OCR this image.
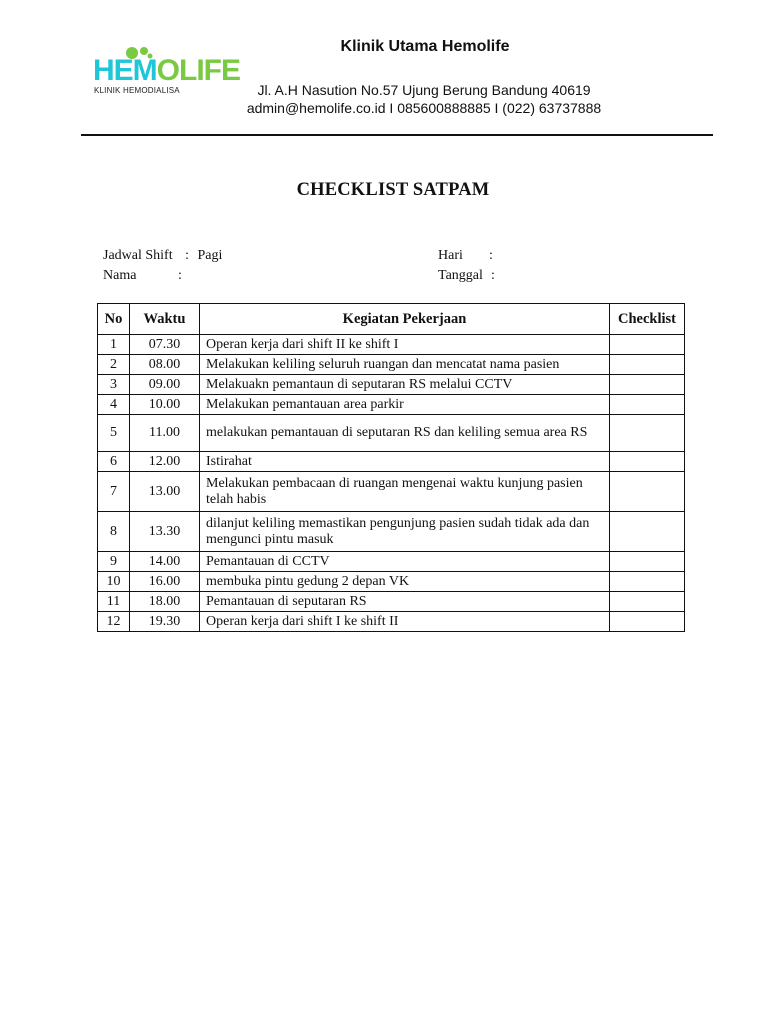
HEMOLIFE
KLINIK HEMODIALISA
Klinik Utama Hemolife
Jl. A.H Nasution No.57 Ujung Berung Bandung 40619
admin@hemolife.co.id I 085600888885 I (022) 63737888
CHECKLIST SATPAM
Jadwal Shift : Pagi
Nama	:
Hari :
Tanggal :
No	Waktu	Kegiatan Pekerjaan	Checklist
1	07.30	Operan kerja dari shift II ke shift I	
2	08.00	Melakukan keliling seluruh ruangan dan mencatat nama pasien	
3	09.00	Melakuakn pemantaun di seputaran RS melalui CCTV	
4	10.00	Melakukan pemantauan area parkir	
5	11.00	melakukan pemantauan di seputaran RS dan keliling semua area RS	
6	12.00	Istirahat	
7	13.00	Melakukan pembacaan di ruangan mengenai waktu kunjung pasien telah habis	
8	13.30	dilanjut keliling memastikan pengunjung pasien sudah tidak ada dan mengunci pintu masuk	
9	14.00	Pemantauan di CCTV	
10	16.00	membuka pintu gedung 2 depan VK	
11	18.00	Pemantauan di seputaran RS	
12	19.30	Operan kerja dari shift I ke shift II	
